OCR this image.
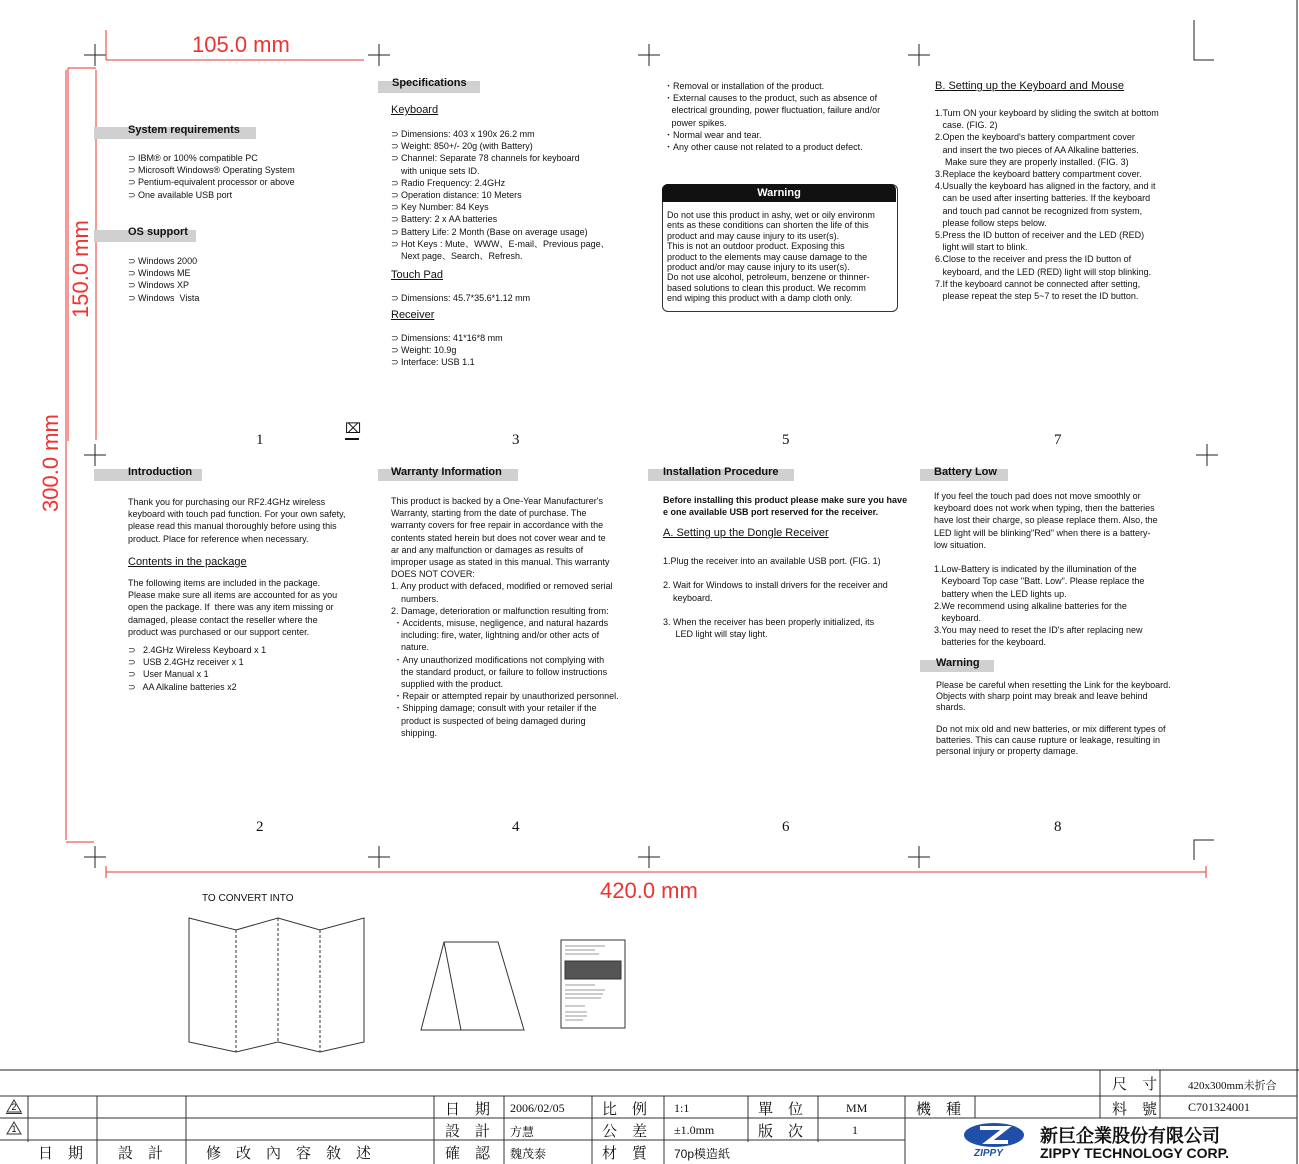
105.0 mm
150.0 mm
300.0 mm
420.0 mm
System requirements
⊃ IBM® or 100% compatible PC
⊃ Microsoft Windows® Operating System
⊃ Pentium-equivalent processor or above
⊃ One available USB port
OS support
⊃ Windows 2000
⊃ Windows ME
⊃ Windows XP
⊃ Windows  Vista
1
⌧
Specifications
Keyboard
⊃ Dimensions: 403 x 190x 26.2 mm
⊃ Weight: 850+/- 20g (with Battery)
⊃ Channel: Separate 78 channels for keyboard
with unique sets ID.
⊃ Radio Frequency: 2.4GHz
⊃ Operation distance: 10 Meters
⊃ Key Number: 84 Keys
⊃ Battery: 2 x AA batteries
⊃ Battery Life: 2 Month (Base on average usage)
⊃ Hot Keys : Mute、WWW、E-mail、Previous page、
Next page、Search、Refresh.
Touch Pad
⊃ Dimensions: 45.7*35.6*1.12 mm
Receiver
⊃ Dimensions: 41*16*8 mm
⊃ Weight: 10.9g
⊃ Interface: USB 1.1
3
・Removal or installation of the product.
・External causes to the product, such as absence of
electrical grounding, power fluctuation, failure and/or
power spikes.
・Normal wear and tear.
・Any other cause not related to a product defect.
Warning
Do not use this product in ashy, wet or oily environm
ents as these conditions can shorten the life of this
product and may cause injury to its user(s).
This is not an outdoor product. Exposing this
product to the elements may cause damage to the
product and/or may cause injury to its user(s).
Do not use alcohol, petroleum, benzene or thinner-
based solutions to clean this product. We recomm
end wiping this product with a damp cloth only.
5
B. Setting up the Keyboard and Mouse
1.Turn ON your keyboard by sliding the switch at bottom
case. (FIG. 2)
2.Open the keyboard's battery compartment cover
and insert the two pieces of AA Alkaline batteries.
Make sure they are properly installed. (FIG. 3)
3.Replace the keyboard battery compartment cover.
4.Usually the keyboard has aligned in the factory, and it
can be used after inserting batteries. If the keyboard
and touch pad cannot be recognized from system,
please follow steps below.
5.Press the ID button of receiver and the LED (RED)
light will start to blink.
6.Close to the receiver and press the ID button of
keyboard, and the LED (RED) light will stop blinking.
7.If the keyboard cannot be connected after setting,
please repeat the step 5~7 to reset the ID button.
7
Introduction
Thank you for purchasing our RF2.4GHz wireless
keyboard with touch pad function. For your own safety,
please read this manual thoroughly before using this
product. Place for reference when necessary.
Contents in the package
The following items are included in the package.
Please make sure all items are accounted for as you
open the package. If  there was any item missing or
damaged, please contact the reseller where the
product was purchased or our support center.
⊃   2.4GHz Wireless Keyboard x 1
⊃   USB 2.4GHz receiver x 1
⊃   User Manual x 1
⊃   AA Alkaline batteries x2
2
Warranty Information
This product is backed by a One-Year Manufacturer's
Warranty, starting from the date of purchase. The
warranty covers for free repair in accordance with the
contents stated herein but does not cover wear and te
ar and any malfunction or damages as results of
improper usage as stated in this manual. This warranty
DOES NOT COVER:
1. Any product with defaced, modified or removed serial
numbers.
2. Damage, deterioration or malfunction resulting from:
・Accidents, misuse, negligence, and natural hazards
including: fire, water, lightning and/or other acts of
nature.
・Any unauthorized modifications not complying with
the standard product, or failure to follow instructions
supplied with the product.
・Repair or attempted repair by unauthorized personnel.
・Shipping damage; consult with your retailer if the
product is suspected of being damaged during
shipping.
4
Installation Procedure
Before installing this product please make sure you have
e one available USB port reserved for the receiver.
A. Setting up the Dongle Receiver
1.Plug the receiver into an available USB port. (FIG. 1)

2. Wait for Windows to install drivers for the receiver and
keyboard.

3. When the receiver has been properly initialized, its
LED light will stay light.
6
Battery Low
If you feel the touch pad does not move smoothly or
keyboard does not work when typing, then the batteries
have lost their charge, so please replace them. Also, the
LED light will be blinking"Red" when there is a battery-
low situation.

1.Low-Battery is indicated by the illumination of the
Keyboard Top case "Batt. Low". Please replace the
battery when the LED lights up.
2.We recommend using alkaline batteries for the
keyboard.
3.You may need to reset the ID's after replacing new
batteries for the keyboard.
Warning
Please be careful when resetting the Link for the keyboard.
Objects with sharp point may break and leave behind
shards.

Do not mix old and new batteries, or mix different types of
batteries. This can cause rupture or leakage, resulting in
personal injury or property damage.
8
TO CONVERT INTO
2
1
尺　寸	420x300mm未折合
料　號	C701324001
日　期 2006/02/05 比　例 1:1	單　位	MM	機　種
設　計 方慧	公　差 ±1.0mm	版　次	1
確　認 魏茂泰	材　質 70p模造紙
日　期 設　計	修　改　內　容　敘　述	ZIPPY
新巨企業股份有限公司
ZIPPY TECHNOLOGY CORP.
